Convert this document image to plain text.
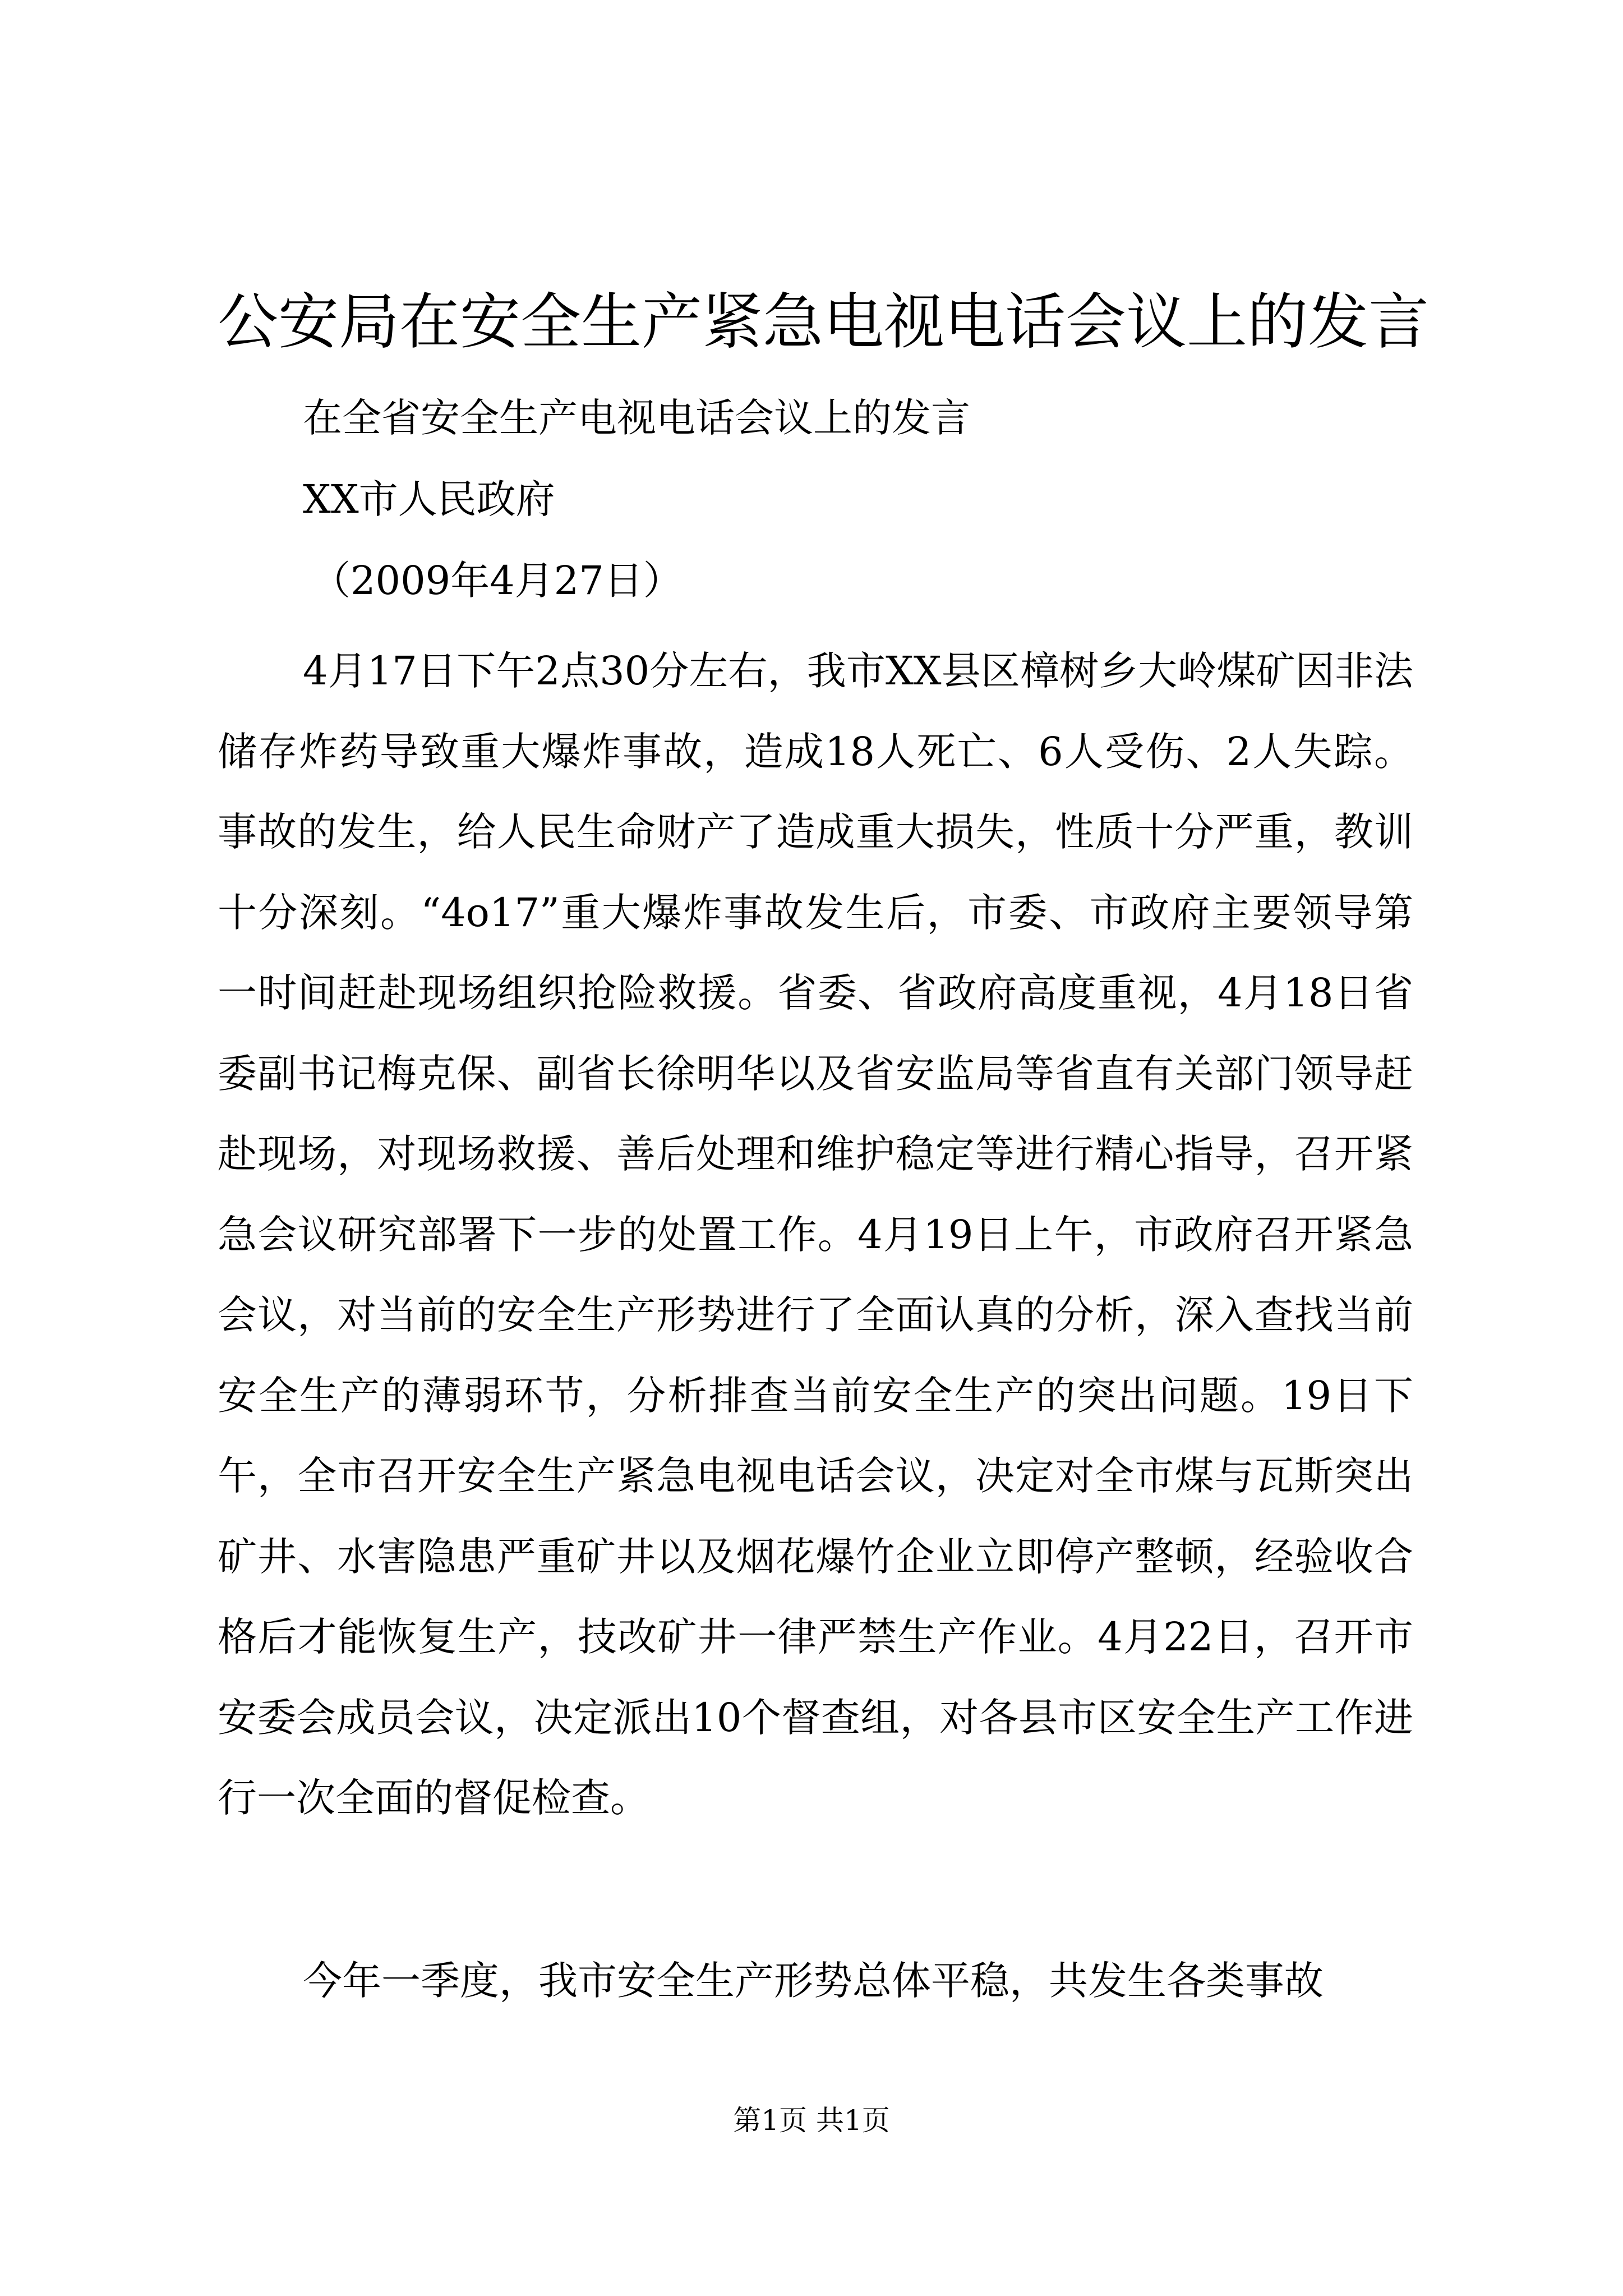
公安局在安全生产紧急电视电话会议上的发言

在全省安全生产电视电话会议上的发言

XX市人民政府

（2009年4月27日）

4月17日下午2点30分左右，我市XX县区樟树乡大岭煤矿因非法储存炸药导致重大爆炸事故，造成18人死亡、6人受伤、2人失踪。事故的发生，给人民生命财产了造成重大损失，性质十分严重，教训十分深刻。“4o17”重大爆炸事故发生后，市委、市政府主要领导第一时间赶赴现场组织抢险救援。省委、省政府高度重视，4月18日省委副书记梅克保、副省长徐明华以及省安监局等省直有关部门领导赶赴现场，对现场救援、善后处理和维护稳定等进行精心指导，召开紧急会议研究部署下一步的处置工作。4月19日上午，市政府召开紧急会议，对当前的安全生产形势进行了全面认真的分析，深入查找当前安全生产的薄弱环节，分析排查当前安全生产的突出问题。19日下午，全市召开安全生产紧急电视电话会议，决定对全市煤与瓦斯突出矿井、水害隐患严重矿井以及烟花爆竹企业立即停产整顿，经验收合格后才能恢复生产，技改矿井一律严禁生产作业。4月22日，召开市安委会成员会议，决定派出10个督查组，对各县市区安全生产工作进行一次全面的督促检查。

今年一季度，我市安全生产形势总体平稳，共发生各类事故

第1页 共1页
